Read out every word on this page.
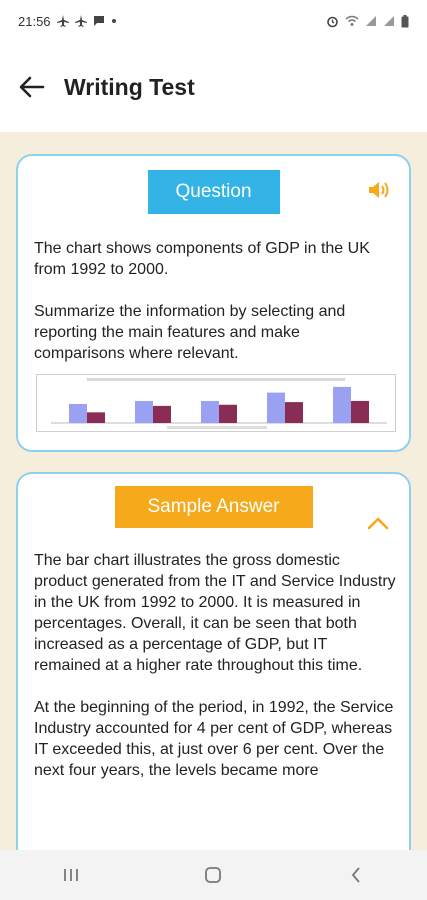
21:56
Writing Test
Question

The chart shows components of GDP in the UK from 1992 to 2000.

Summarize the information by selecting and reporting the main features and make comparisons where relevant.

Sample Answer

The bar chart illustrates the gross domestic product generated from the IT and Service Industry in the UK from 1992 to 2000. It is measured in percentages. Overall, it can be seen that both increased as a percentage of GDP, but IT remained at a higher rate throughout this time.

At the beginning of the period, in 1992, the Service Industry accounted for 4 per cent of GDP, whereas IT exceeded this, at just over 6 per cent. Over the next four years, the levels became more
